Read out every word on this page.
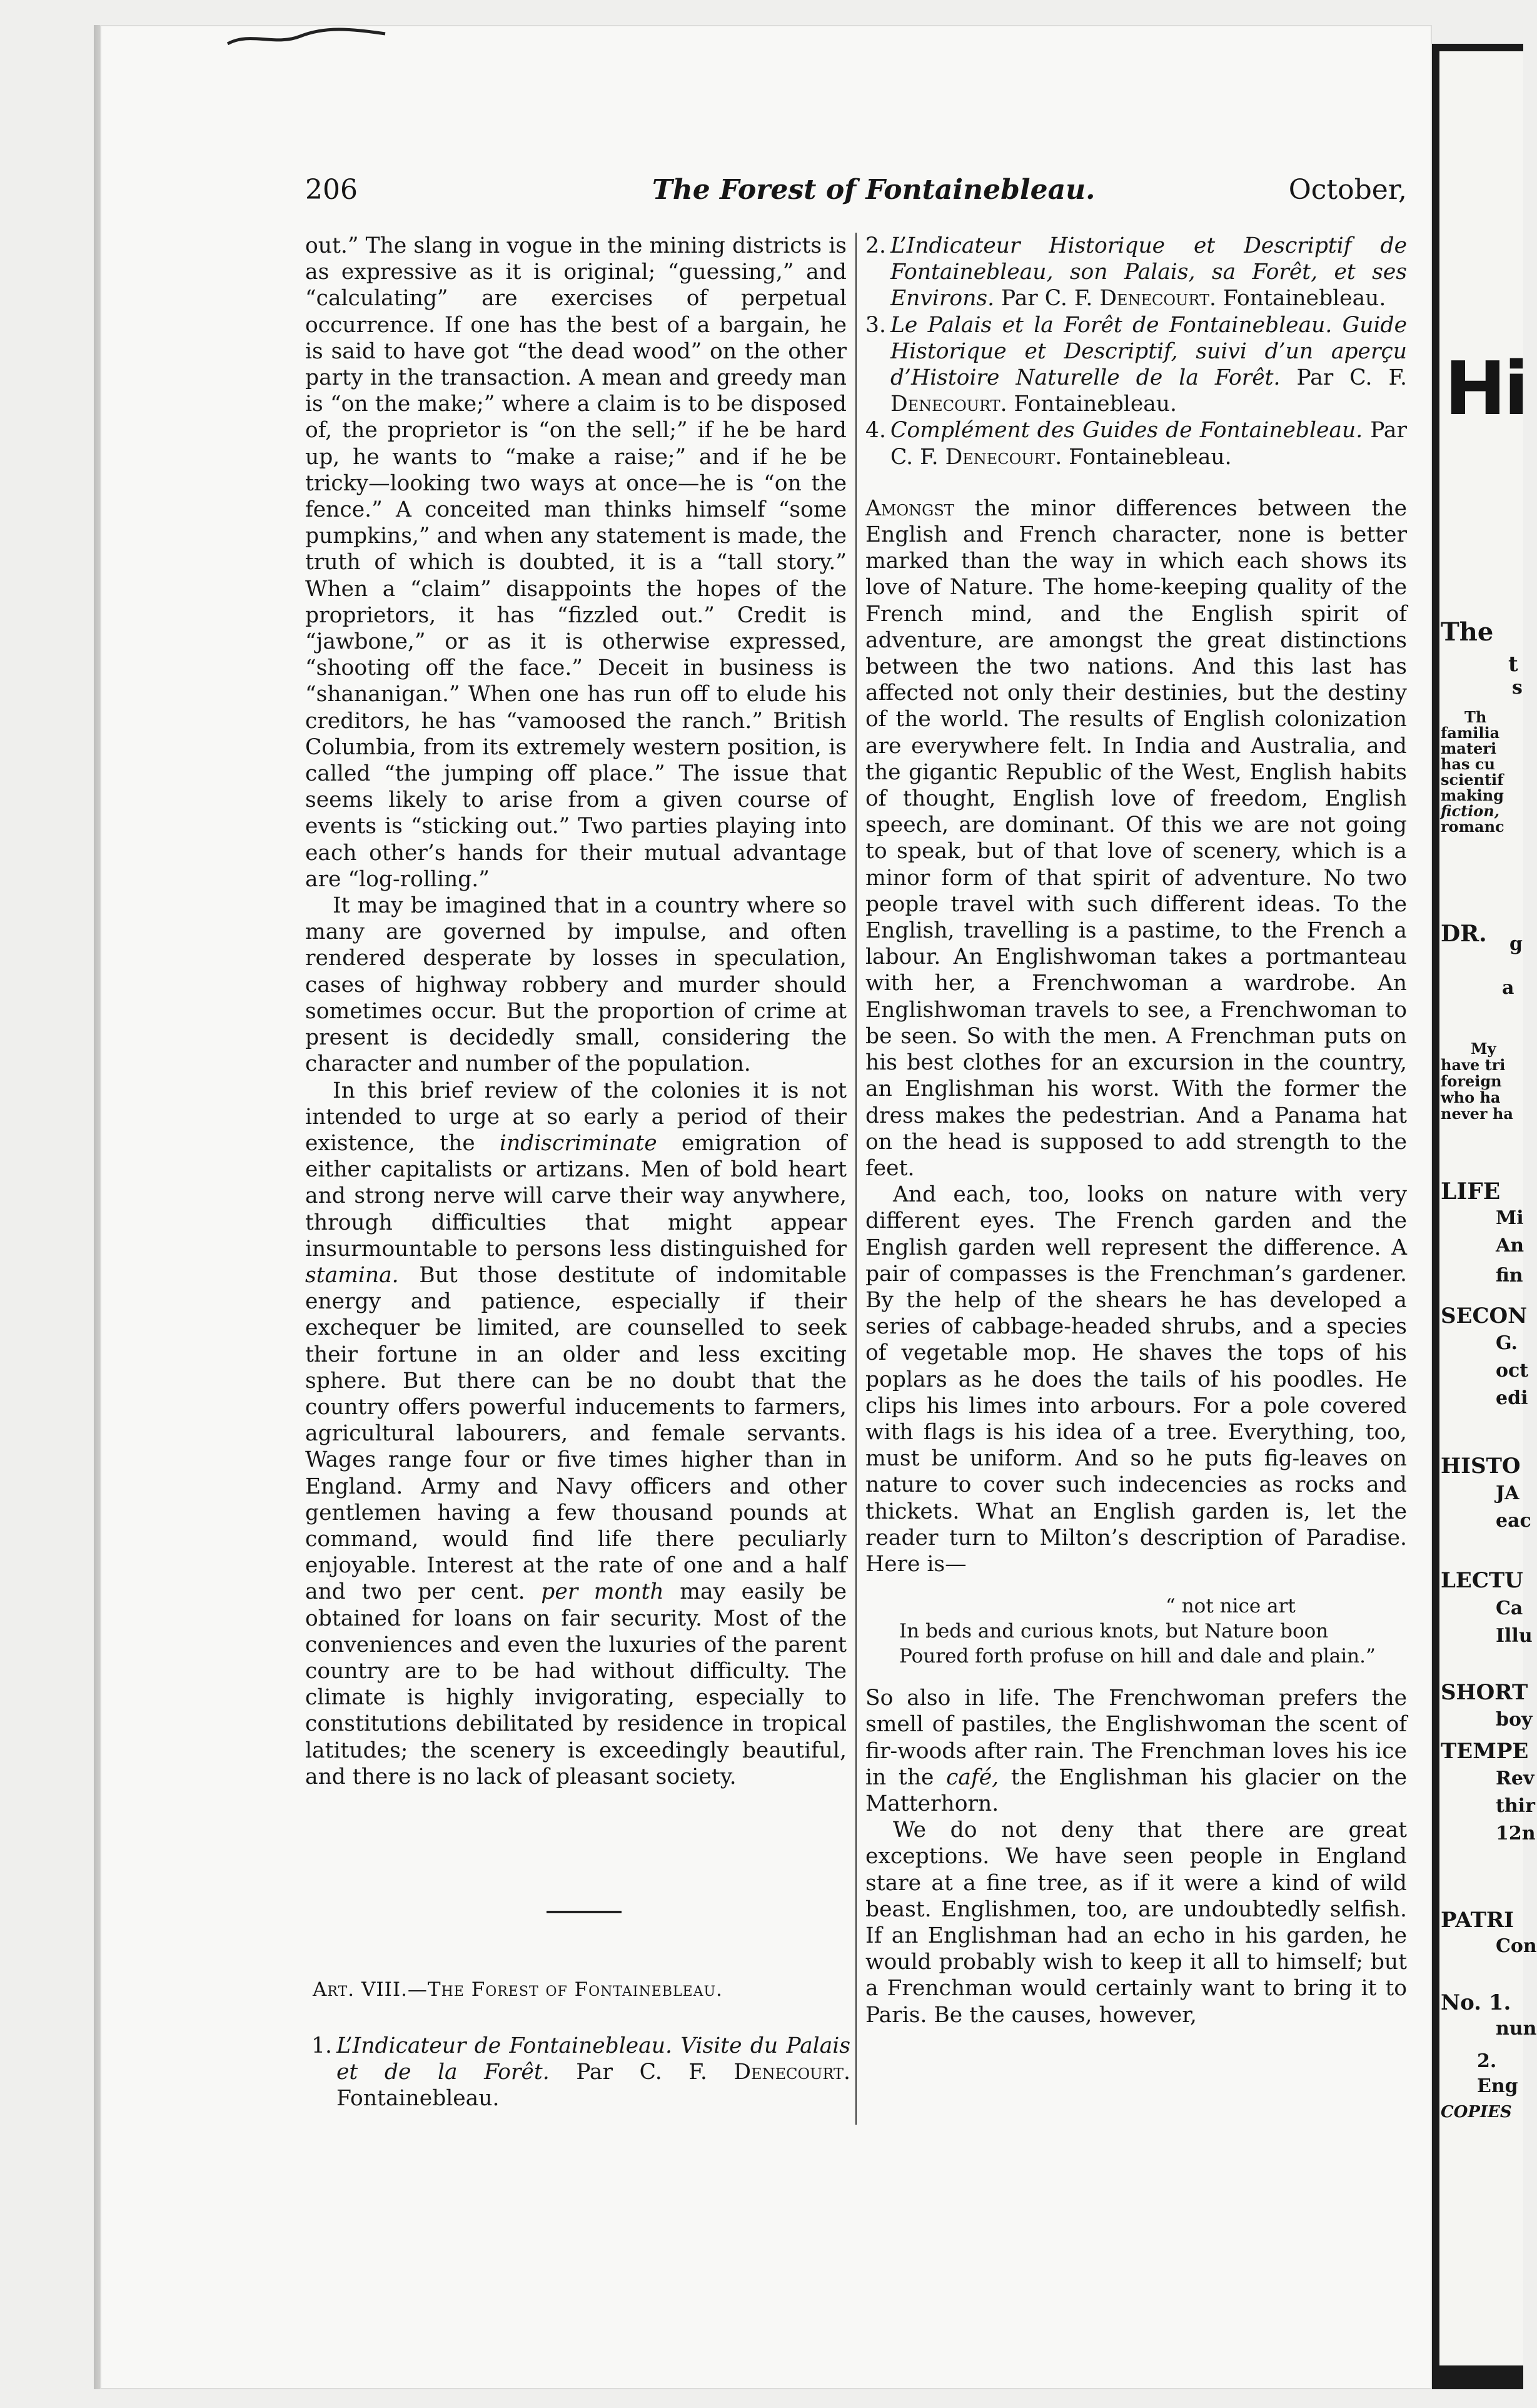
206	The Forest of Fontainebleau.	October,

out.” The slang in vogue in the mining districts is as expressive as it is original; “guessing,” and “calculating” are exercises of perpetual occurrence. If one has the best of a bargain, he is said to have got “the dead wood” on the other party in the transaction. A mean and greedy man is “on the make;” where a claim is to be disposed of, the proprietor is “on the sell;” if he be hard up, he wants to “make a raise;” and if he be tricky—looking two ways at once—he is “on the fence.” A conceited man thinks himself “some pumpkins,” and when any statement is made, the truth of which is doubted, it is a “tall story.” When a “claim” disappoints the hopes of the proprietors, it has “fizzled out.” Credit is “jawbone,” or as it is otherwise expressed, “shooting off the face.” Deceit in business is “shananigan.” When one has run off to elude his creditors, he has “vamoosed the ranch.” British Columbia, from its extremely western position, is called “the jumping off place.” The issue that seems likely to arise from a given course of events is “sticking out.” Two parties playing into each other’s hands for their mutual advantage are “log-rolling.”

It may be imagined that in a country where so many are governed by impulse, and often rendered desperate by losses in speculation, cases of highway robbery and murder should sometimes occur. But the proportion of crime at present is decidedly small, considering the character and number of the population.

In this brief review of the colonies it is not intended to urge at so early a period of their existence, the indiscriminate emigration of either capitalists or artizans. Men of bold heart and strong nerve will carve their way anywhere, through difficulties that might appear insurmountable to persons less distinguished for stamina. But those destitute of indomitable energy and patience, especially if their exchequer be limited, are counselled to seek their fortune in an older and less exciting sphere. But there can be no doubt that the country offers powerful inducements to farmers, agricultural labourers, and female servants. Wages range four or five times higher than in England. Army and Navy officers and other gentlemen having a few thousand pounds at command, would find life there peculiarly enjoyable. Interest at the rate of one and a half and two per cent. per month may easily be obtained for loans on fair security. Most of the conveniences and even the luxuries of the parent country are to be had without difficulty. The climate is highly invigorating, especially to constitutions debilitated by residence in tropical latitudes; the scenery is exceedingly beautiful, and there is no lack of pleasant society.

Art. VIII.—The Forest of Fontainebleau.
1. L’Indicateur de Fontainebleau. Visite du Palais et de la Forêt. Par C. F. Denecourt. Fontainebleau.
2. L’Indicateur Historique et Descriptif de Fontainebleau, son Palais, sa Forêt, et ses Environs. Par C. F. Denecourt. Fontainebleau.
3. Le Palais et la Forêt de Fontainebleau. Guide Historique et Descriptif, suivi d’un aperçu d’Histoire Naturelle de la Forêt. Par C. F. Denecourt. Fontainebleau.
4. Complément des Guides de Fontainebleau. Par C. F. Denecourt. Fontainebleau.

Amongst the minor differences between the English and French character, none is better marked than the way in which each shows its love of Nature. The home-keeping quality of the French mind, and the English spirit of adventure, are amongst the great distinctions between the two nations. And this last has affected not only their destinies, but the destiny of the world. The results of English colonization are everywhere felt. In India and Australia, and the gigantic Republic of the West, English habits of thought, English love of freedom, English speech, are dominant. Of this we are not going to speak, but of that love of scenery, which is a minor form of that spirit of adventure. No two people travel with such different ideas. To the English, travelling is a pastime, to the French a labour. An Englishwoman takes a portmanteau with her, a Frenchwoman a wardrobe. An Englishwoman travels to see, a Frenchwoman to be seen. So with the men. A Frenchman puts on his best clothes for an excursion in the country, an Englishman his worst. With the former the dress makes the pedestrian. And a Panama hat on the head is supposed to add strength to the feet.

And each, too, looks on nature with very different eyes. The French garden and the English garden well represent the difference. A pair of compasses is the Frenchman’s gardener. By the help of the shears he has developed a series of cabbage-headed shrubs, and a species of vegetable mop. He shaves the tops of his poplars as he does the tails of his poodles. He clips his limes into arbours. For a pole covered with flags is his idea of a tree. Everything, too, must be uniform. And so he puts fig-leaves on nature to cover such indecencies as rocks and thickets. What an English garden is, let the reader turn to Milton’s description of Paradise. Here is—

“ not nice art
In beds and curious knots, but Nature boon
Poured forth profuse on hill and dale and plain.”

So also in life. The Frenchwoman prefers the smell of pastiles, the Englishwoman the scent of fir-woods after rain. The Frenchman loves his ice in the café, the Englishman his glacier on the Matterhorn.

We do not deny that there are great exceptions. We have seen people in England stare at a fine tree, as if it were a kind of wild beast. Englishmen, too, are undoubtedly selfish. If an Englishman had an echo in his garden, he would probably wish to keep it all to himself; but a Frenchman would certainly want to bring it to Paris. Be the causes, however,

Hi
The
t
s
Th
familia
materi
has cu
scientif
making
fiction,
romanc
DR. g
a
My
have tri
foreign
who ha
never ha
LIFE
Mi
An
fin
SECON
G.
oct
edi
HISTO
JA
eac
LECTU
Ca
Illu
SHORT
boy
TEMPE
Rev
thir
12n
PATRI
Con
No. 1.
nun
2.
Eng
COPIES
